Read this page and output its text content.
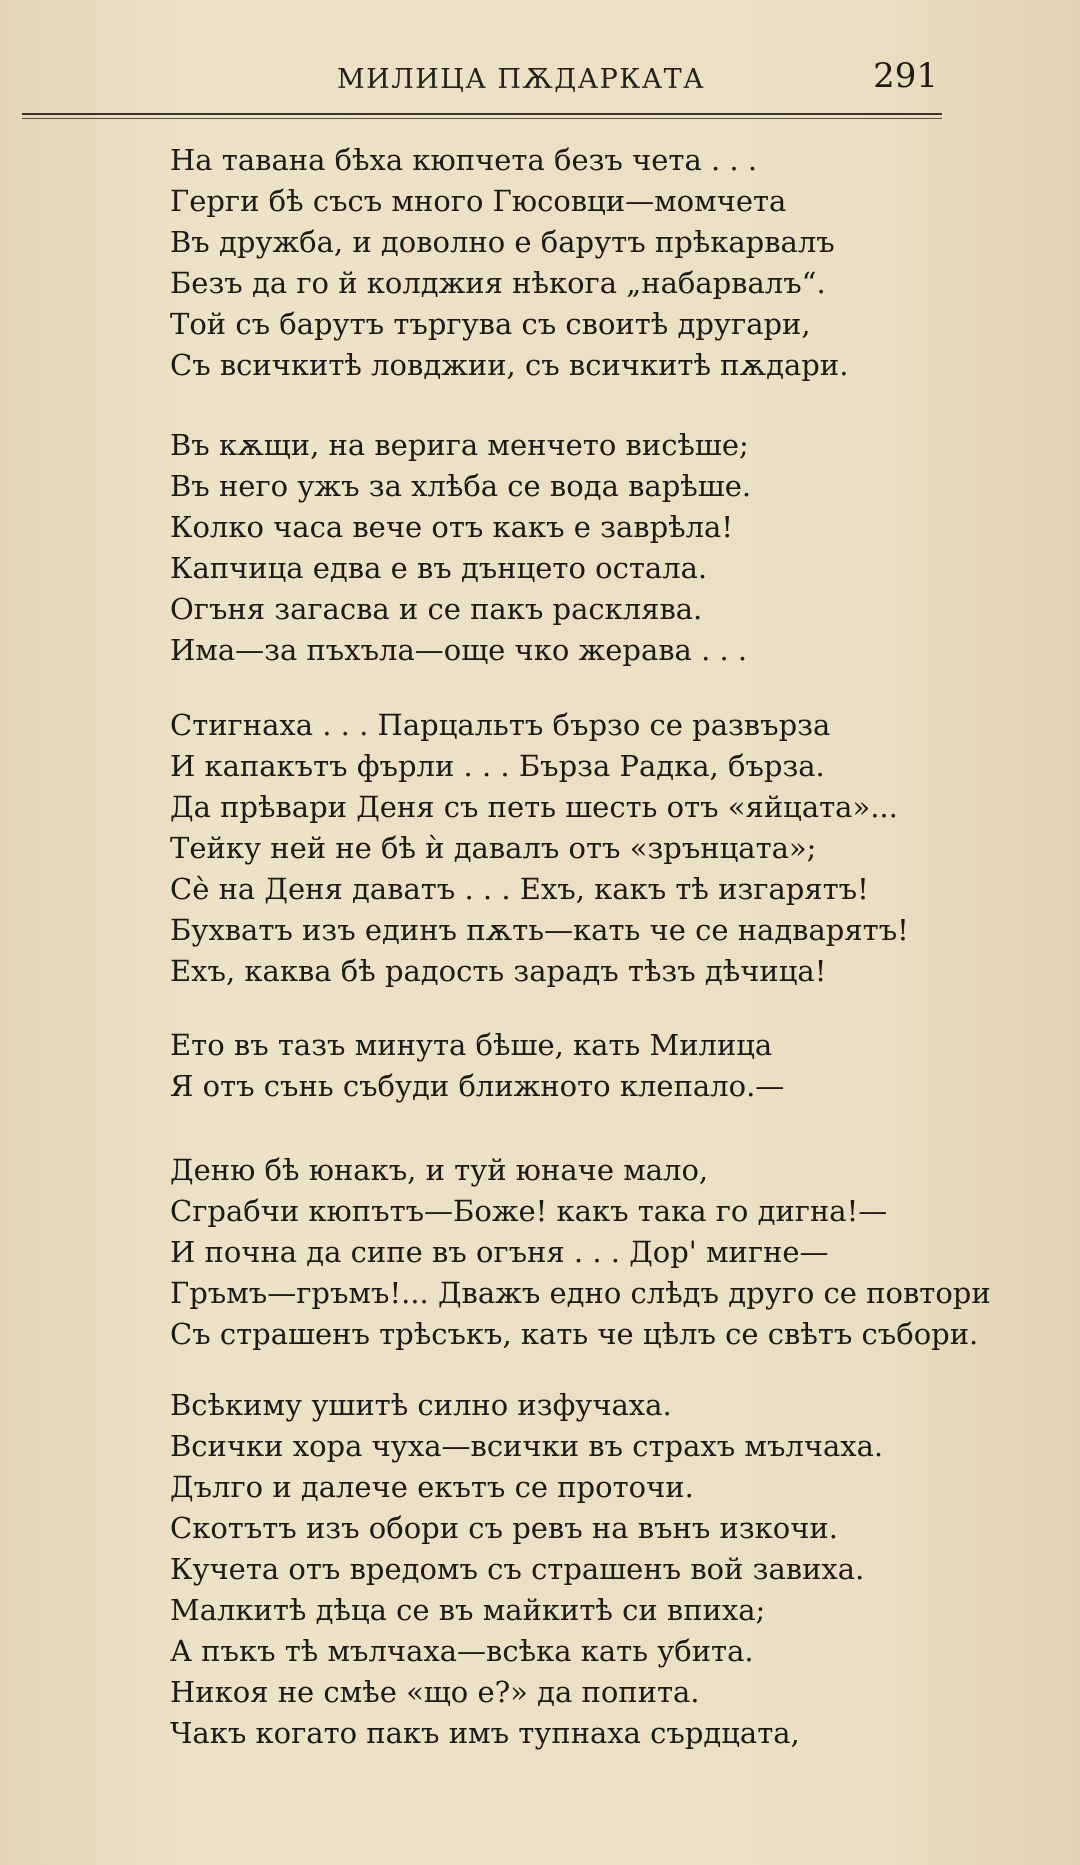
МИЛИЦА ПѪДАРКАТА	291
На тавана бѣха кюпчета безъ чета . . .
Герги бѣ съсъ много Гюсовци—момчета
Въ дружба, и доволно е барутъ прѣкарвалъ
Безъ да го й колджия нѣкога „набарвалъ“.
Той съ барутъ търгува съ своитѣ другари,
Съ всичкитѣ ловджии, съ всичкитѣ пѫдари.
Въ кѫщи, на верига менчето висѣше;
Въ него ужъ за хлѣба се вода варѣше.
Колко часа вече отъ какъ е заврѣла!
Капчица едва е въ дънцето остала.
Огъня загасва и се пакъ расклява.
Има—за пъхъла—още чко жерава . . .
Стигнаха . . . Парцальтъ бързо се развърза
И капакътъ фърли . . . Бърза Радка, бърза.
Да прѣвари Деня съ петь шесть отъ «яйцата»...
Тейку ней не бѣ ѝ давалъ отъ «зрънцата»;
Сѐ на Деня даватъ . . . Ехъ, какъ тѣ изгарятъ!
Бухватъ изъ единъ пѫть—кать че се надварятъ!
Ехъ, каква бѣ радость зарадъ тѣзъ дѣчица!
Ето въ тазъ минута бѣше, кать Милица
Я отъ сънь събуди ближното клепало.—
Деню бѣ юнакъ, и туй юначе мало,
Сграбчи кюпътъ—Боже! какъ така го дигна!—
И почна да сипе въ огъня . . . Дор' мигне—
Гръмъ—гръмъ!... Дважъ едно слѣдъ друго се повтори
Съ страшенъ трѣсъкъ, кать че цѣлъ се свѣтъ събори.
Всѣкиму ушитѣ силно изфучаха.
Всички хора чуха—всички въ страхъ мълчаха.
Дълго и далече екътъ се проточи.
Скотътъ изъ обори съ ревъ на вънъ изкочи.
Кучета отъ вредомъ съ страшенъ вой завиха.
Малкитѣ дѣца се въ майкитѣ си впиха;
А пъкъ тѣ мълчаха—всѣка кать убита.
Никоя не смѣе «що е?» да попита.
Чакъ когато пакъ имъ тупнаха сърдцата,
